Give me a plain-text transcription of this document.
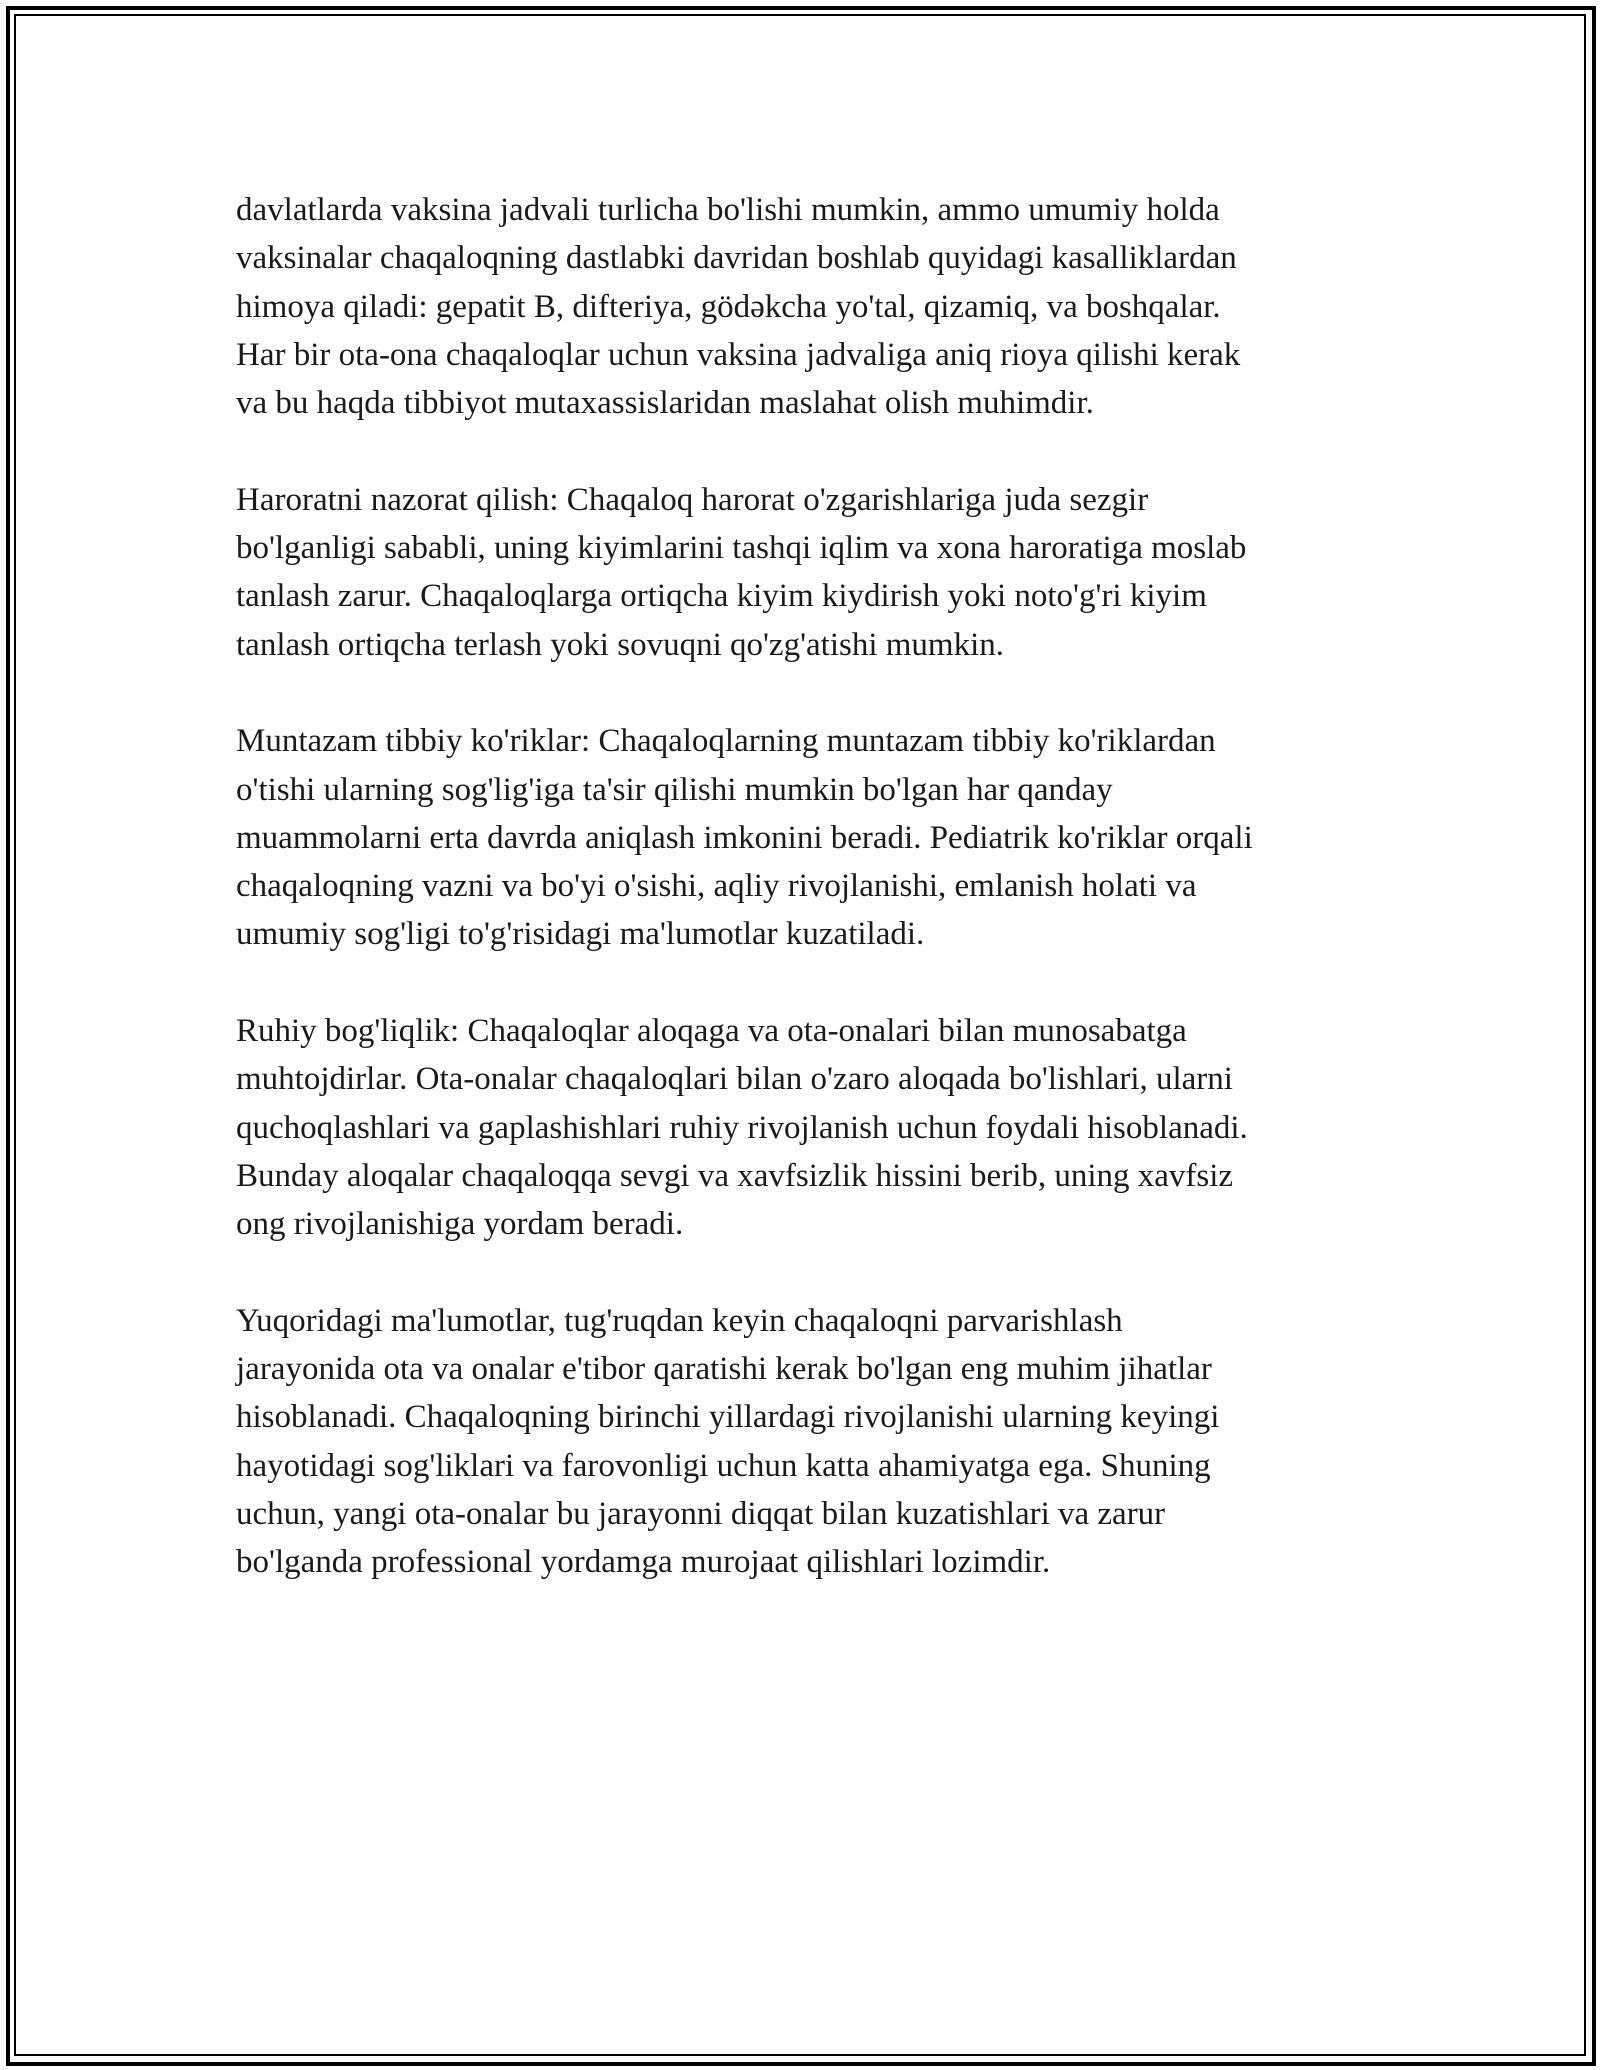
davlatlarda vaksina jadvali turlicha bo'lishi mumkin, ammo umumiy holda
vaksinalar chaqaloqning dastlabki davridan boshlab quyidagi kasalliklardan
himoya qiladi: gepatit B, difteriya, gödəkcha yo'tal, qizamiq, va boshqalar.
Har bir ota-ona chaqaloqlar uchun vaksina jadvaliga aniq rioya qilishi kerak
va bu haqda tibbiyot mutaxassislaridan maslahat olish muhimdir.

Haroratni nazorat qilish: Chaqaloq harorat o'zgarishlariga juda sezgir
bo'lganligi sababli, uning kiyimlarini tashqi iqlim va xona haroratiga moslab
tanlash zarur. Chaqaloqlarga ortiqcha kiyim kiydirish yoki noto'g'ri kiyim
tanlash ortiqcha terlash yoki sovuqni qo'zg'atishi mumkin.

Muntazam tibbiy ko'riklar: Chaqaloqlarning muntazam tibbiy ko'riklardan
o'tishi ularning sog'lig'iga ta'sir qilishi mumkin bo'lgan har qanday
muammolarni erta davrda aniqlash imkonini beradi. Pediatrik ko'riklar orqali
chaqaloqning vazni va bo'yi o'sishi, aqliy rivojlanishi, emlanish holati va
umumiy sog'ligi to'g'risidagi ma'lumotlar kuzatiladi.

Ruhiy bog'liqlik: Chaqaloqlar aloqaga va ota-onalari bilan munosabatga
muhtojdirlar. Ota-onalar chaqaloqlari bilan o'zaro aloqada bo'lishlari, ularni
quchoqlashlari va gaplashishlari ruhiy rivojlanish uchun foydali hisoblanadi.
Bunday aloqalar chaqaloqqa sevgi va xavfsizlik hissini berib, uning xavfsiz
ong rivojlanishiga yordam beradi.

Yuqoridagi ma'lumotlar, tug'ruqdan keyin chaqaloqni parvarishlash
jarayonida ota va onalar e'tibor qaratishi kerak bo'lgan eng muhim jihatlar
hisoblanadi. Chaqaloqning birinchi yillardagi rivojlanishi ularning keyingi
hayotidagi sog'liklari va farovonligi uchun katta ahamiyatga ega. Shuning
uchun, yangi ota-onalar bu jarayonni diqqat bilan kuzatishlari va zarur
bo'lganda professional yordamga murojaat qilishlari lozimdir.
